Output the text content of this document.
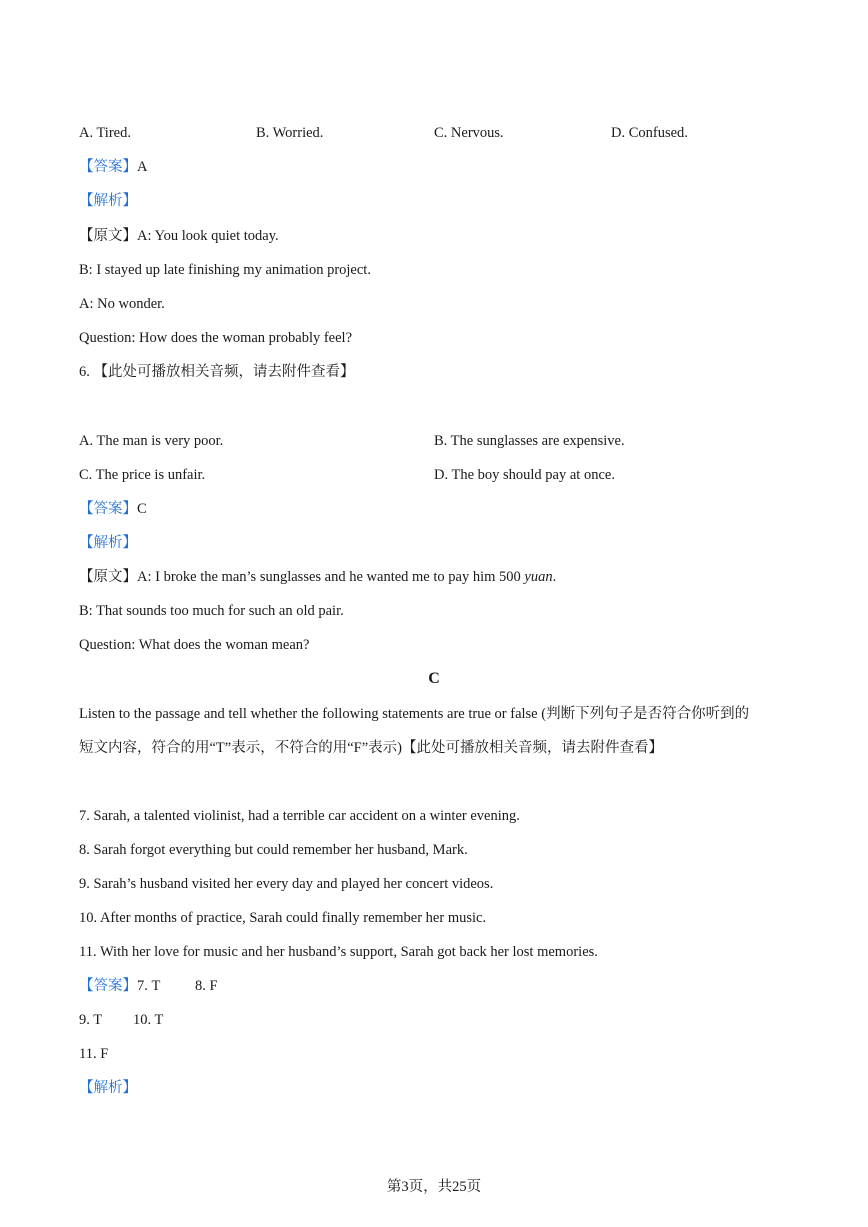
A. Tired.	B. Worried.	C. Nervous.	D. Confused.
【答案】A
【解析】
【原文】A: You look quiet today.
B: I stayed up late finishing my animation project.
A: No wonder.
Question: How does the woman probably feel?
6. 【此处可播放相关音频，请去附件查看】
A. The man is very poor.	B. The sunglasses are expensive.
C. The price is unfair.	D. The boy should pay at once.
【答案】C
【解析】
【原文】A: I broke the man’s sunglasses and he wanted me to pay him 500 yuan.
B: That sounds too much for such an old pair.
Question: What does the woman mean?
C
Listen to the passage and tell whether the following statements are true or false (判断下列句子是否符合你听到的
短文内容，符合的用“T”表示，不符合的用“F”表示)【此处可播放相关音频，请去附件查看】
7. Sarah, a talented violinist, had a terrible car accident on a winter evening.
8. Sarah forgot everything but could remember her husband, Mark.
9. Sarah’s husband visited her every day and played her concert videos.
10. After months of practice, Sarah could finally remember her music.
11. With her love for music and her husband’s support, Sarah got back her lost memories.
【答案】7. T 8. F
9. T 10. T
11. F
【解析】
第3页，共25页
